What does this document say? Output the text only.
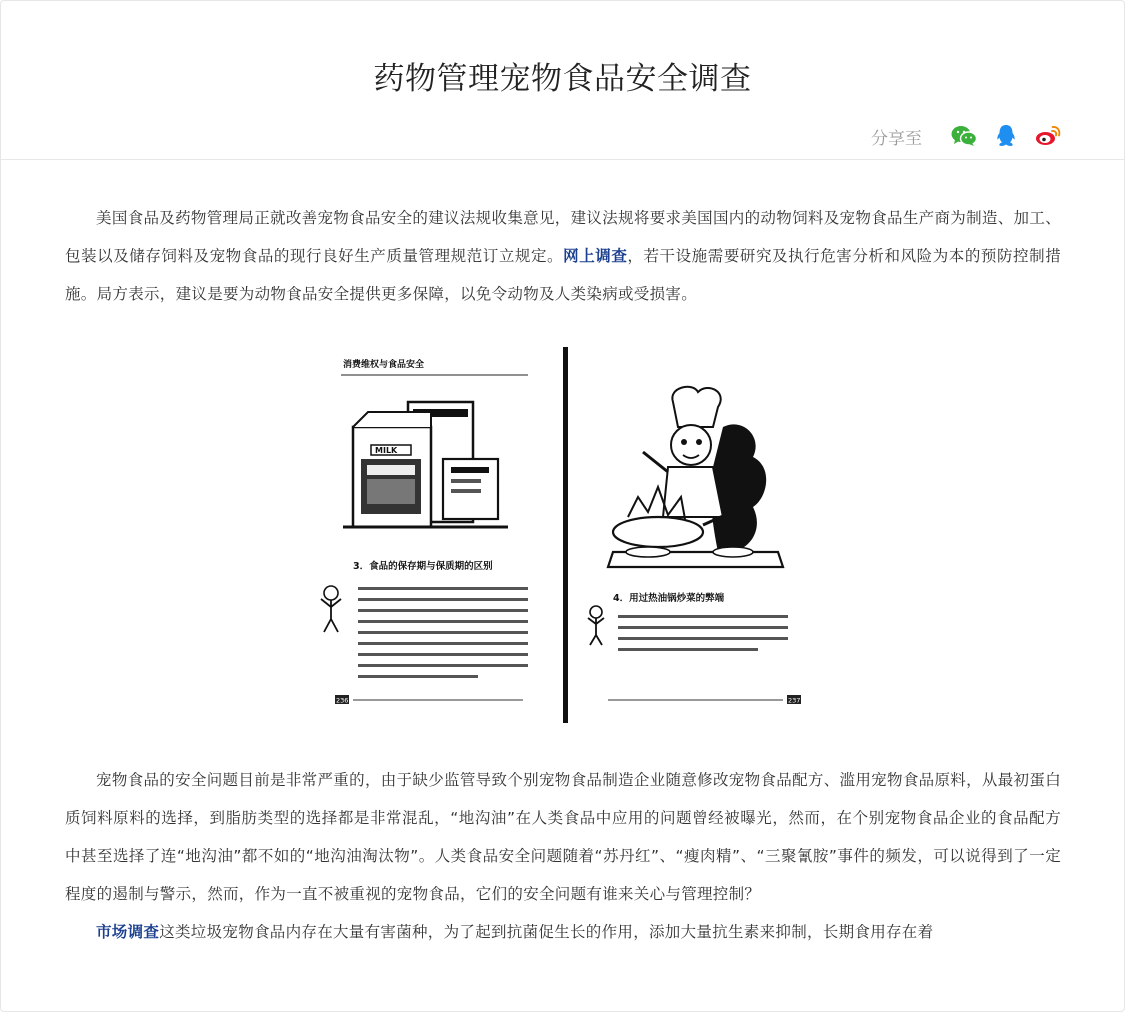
药物管理宠物食品安全调查
分享至

美国食品及药物管理局正就改善宠物食品安全的建议法规收集意见，建议法规将要求美国国内的动物饲料及宠物食品生产商为制造、加工、包装以及储存饲料及宠物食品的现行良好生产质量管理规范订立规定。网上调查，若干设施需要研究及执行危害分析和风险为本的预防控制措施。局方表示，建议是要为动物食品安全提供更多保障，以免令动物及人类染病或受损害。

消费维权与食品安全
MILK
3．食品的保存期与保质期的区别
236
4．用过热油锅炒菜的弊端
237

宠物食品的安全问题目前是非常严重的，由于缺少监管导致个别宠物食品制造企业随意修改宠物食品配方、滥用宠物食品原料，从最初蛋白质饲料原料的选择，到脂肪类型的选择都是非常混乱，“地沟油”在人类食品中应用的问题曾经被曝光，然而，在个别宠物食品企业的食品配方中甚至选择了连“地沟油”都不如的“地沟油淘汰物”。人类食品安全问题随着“苏丹红”、“瘦肉精”、“三聚氰胺”事件的频发，可以说得到了一定程度的遏制与警示，然而，作为一直不被重视的宠物食品，它们的安全问题有谁来关心与管理控制？

市场调查这类垃圾宠物食品内存在大量有害菌种，为了起到抗菌促生长的作用，添加大量抗生素来抑制，长期食用存在着
